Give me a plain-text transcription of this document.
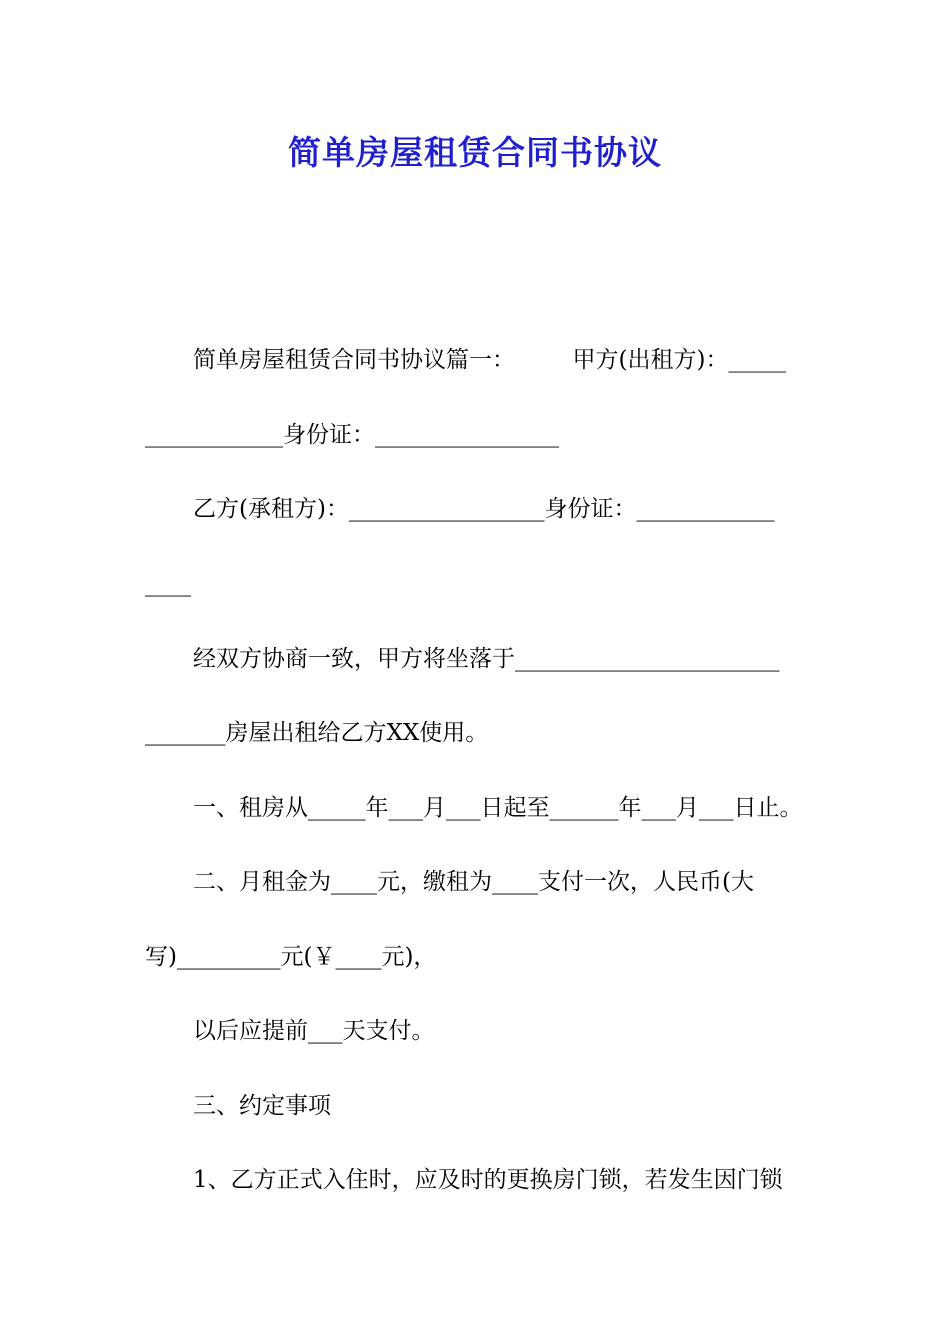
简单房屋租赁合同书协议
简单房屋租赁合同书协议篇一：　　　甲方(出租方)：_____
____________身份证：________________
乙方(承租方)：_________________身份证：____________
____
经双方协商一致，甲方将坐落于_______________________
_______房屋出租给乙方XX使用。
一、租房从_____年___月___日起至______年___月___日止。
二、月租金为____元，缴租为____支付一次，人民币(大
写)_________元(￥____元)，
以后应提前___天支付。
三、约定事项
1、乙方正式入住时，应及时的更换房门锁，若发生因门锁
